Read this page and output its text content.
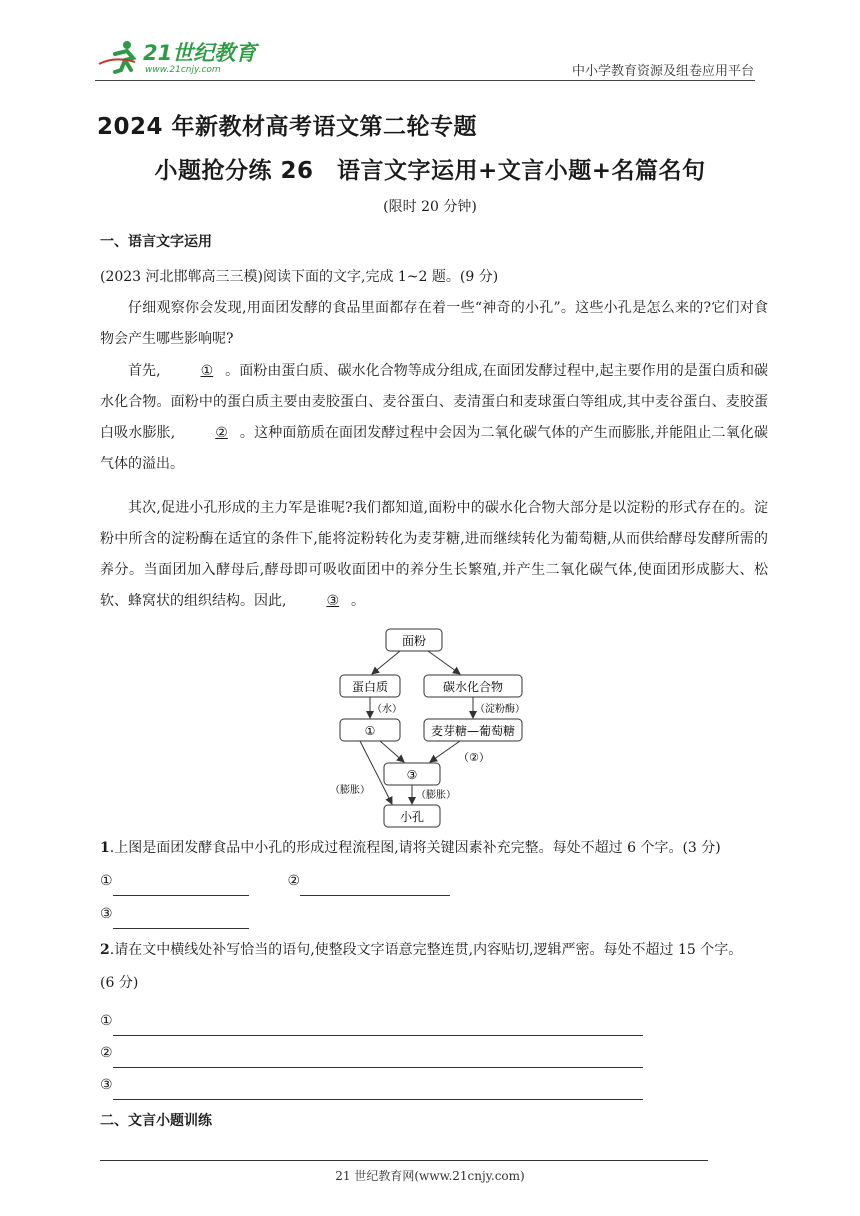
21世纪教育
www.21cnjy.com	中小学教育资源及组卷应用平台
2024 年新教材高考语文第二轮专题
小题抢分练 26　语言文字运用+文言小题+名篇名句
(限时 20 分钟)
一、语言文字运用
(2023 河北邯郸高三三模)阅读下面的文字,完成 1~2 题。(9 分)
仔细观察你会发现,用面团发酵的食品里面都存在着一些“神奇的小孔”。这些小孔是怎么来的?它们对食物会产生哪些影响呢?
首先,	① 。面粉由蛋白质、碳水化合物等成分组成,在面团发酵过程中,起主要作用的是蛋白质和碳水化合物。面粉中的蛋白质主要由麦胶蛋白、麦谷蛋白、麦清蛋白和麦球蛋白等组成,其中麦谷蛋白、麦胶蛋白吸水膨胀,	② 。这种面筋质在面团发酵过程中会因为二氧化碳气体的产生而膨胀,并能阻止二氧化碳气体的溢出。
其次,促进小孔形成的主力军是谁呢?我们都知道,面粉中的碳水化合物大部分是以淀粉的形式存在的。淀粉中所含的淀粉酶在适宜的条件下,能将淀粉转化为麦芽糖,进而继续转化为葡萄糖,从而供给酵母发酵所需的养分。当面团加入酵母后,酵母即可吸收面团中的养分生长繁殖,并产生二氧化碳气体,使面团形成膨大、松软、蜂窝状的组织结构。因此,	③ 。
面粉
蛋白质	碳水化合物
（水）	（淀粉酶）
①	麦芽糖—葡萄糖
（②）
③
（膨胀）	（膨胀）
小孔
1.上图是面团发酵食品中小孔的形成过程流程图,请将关键因素补充完整。每处不超过 6 个字。(3 分)
①	②
③
2.请在文中横线处补写恰当的语句,使整段文字语意完整连贯,内容贴切,逻辑严密。每处不超过 15 个字。
(6 分)
①
②
③
二、文言小题训练
21 世纪教育网(www.21cnjy.com)
